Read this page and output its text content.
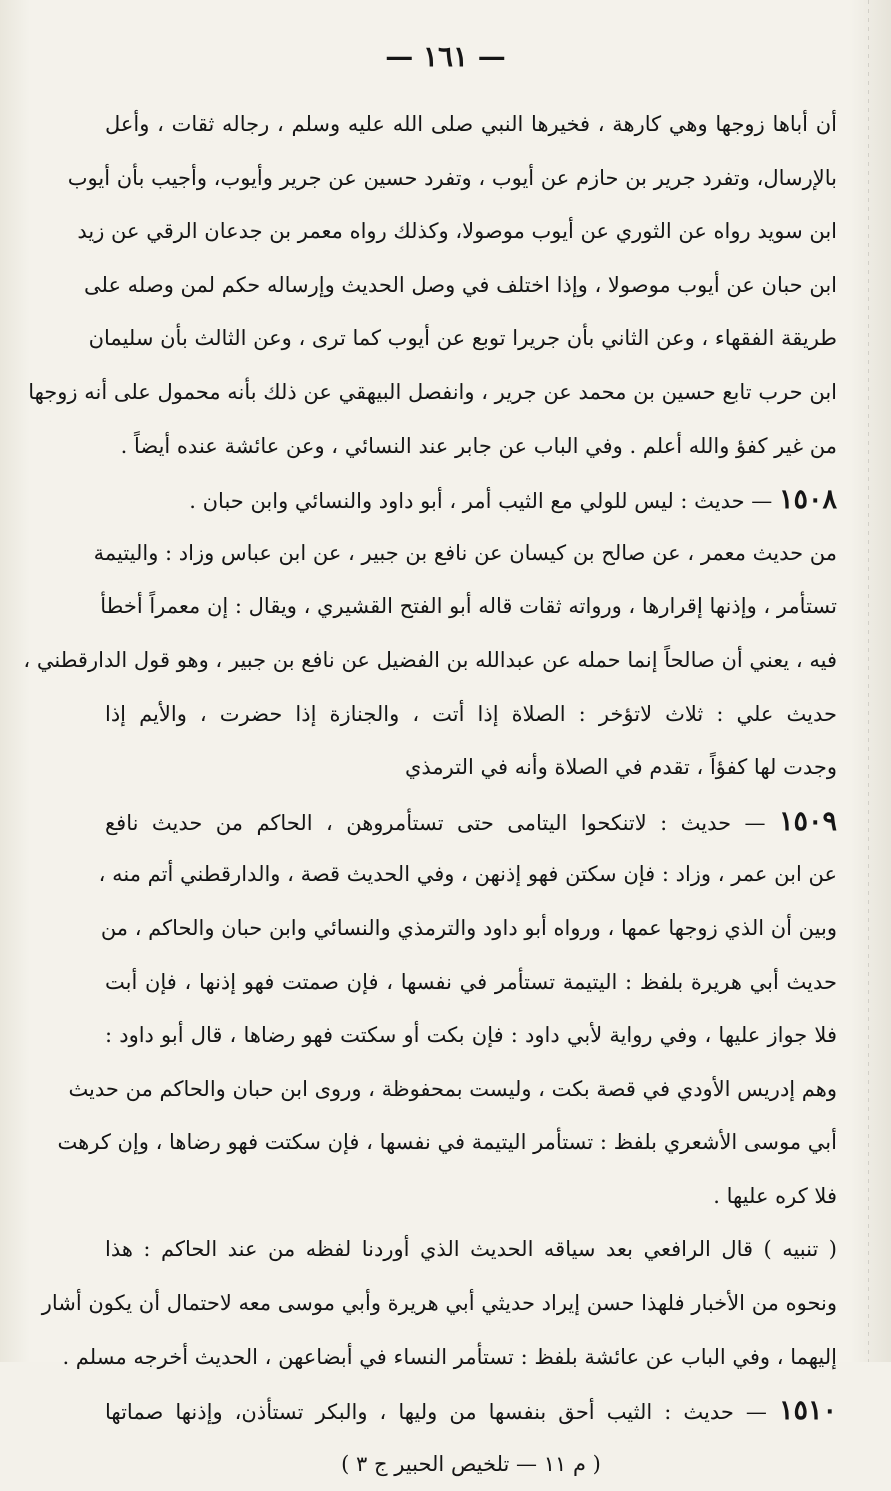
— ١٦١ —
أن أباها زوجها وهي كارهة ، فخيرها النبي صلى الله عليه وسلم ، رجاله ثقات ، وأعل
بالإرسال، وتفرد جرير بن حازم عن أيوب ، وتفرد حسين عن جرير وأيوب، وأجيب بأن أيوب
ابن سويد رواه عن الثوري عن أيوب موصولا، وكذلك رواه معمر بن جدعان الرقي عن زيد
ابن حبان عن أيوب موصولا ، وإذا اختلف في وصل الحديث وإرساله حكم لمن وصله على
طريقة الفقهاء ، وعن الثاني بأن جريرا توبع عن أيوب كما ترى ، وعن الثالث بأن سليمان
ابن حرب تابع حسين بن محمد عن جرير ، وانفصل البيهقي عن ذلك بأنه محمول على أنه زوجها
من غير كفؤ والله أعلم . وفي الباب عن جابر عند النسائي ، وعن عائشة عنده أيضاً .
١٥٠٨ — حديث : ليس للولي مع الثيب أمر ، أبو داود والنسائي وابن حبان .
من حديث معمر ، عن صالح بن كيسان عن نافع بن جبير ، عن ابن عباس وزاد : واليتيمة
تستأمر ، وإذنها إقرارها ، ورواته ثقات قاله أبو الفتح القشيري ، ويقال : إن معمراً أخطأ
فيه ، يعني أن صالحاً إنما حمله عن عبدالله بن الفضيل عن نافع بن جبير ، وهو قول الدارقطني ،
حديث علي : ثلاث لاتؤخر : الصلاة إذا أتت ، والجنازة إذا حضرت ، والأيم إذا
وجدت لها كفؤاً ، تقدم في الصلاة وأنه في الترمذي
١٥٠٩ — حديث : لاتنكحوا اليتامى حتى تستأمروهن ، الحاكم من حديث نافع
عن ابن عمر ، وزاد : فإن سكتن فهو إذنهن ، وفي الحديث قصة ، والدارقطني أتم منه ،
وبين أن الذي زوجها عمها ، ورواه أبو داود والترمذي والنسائي وابن حبان والحاكم ، من
حديث أبي هريرة بلفظ : اليتيمة تستأمر في نفسها ، فإن صمتت فهو إذنها ، فإن أبت
فلا جواز عليها ، وفي رواية لأبي داود : فإن بكت أو سكتت فهو رضاها ، قال أبو داود :
وهم إدريس الأودي في قصة بكت ، وليست بمحفوظة ، وروى ابن حبان والحاكم من حديث
أبي موسى الأشعري بلفظ : تستأمر اليتيمة في نفسها ، فإن سكتت فهو رضاها ، وإن كرهت
فلا كره عليها .
( تنبيه ) قال الرافعي بعد سياقه الحديث الذي أوردنا لفظه من عند الحاكم : هذا
ونحوه من الأخبار فلهذا حسن إيراد حديثي أبي هريرة وأبي موسى معه لاحتمال أن يكون أشار
إليهما ، وفي الباب عن عائشة بلفظ : تستأمر النساء في أبضاعهن ، الحديث أخرجه مسلم .
١٥١٠ — حديث : الثيب أحق بنفسها من وليها ، والبكر تستأذن، وإذنها صماتها
( م ١١ — تلخيص الحبير ج ٣ )
